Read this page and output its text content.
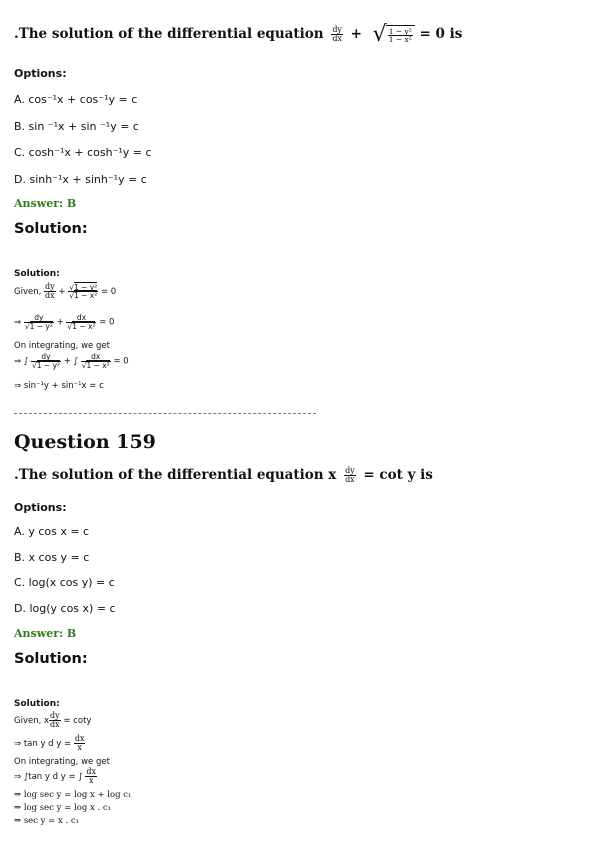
.The solution of the differential equation $\frac{dy}{dx}$ + √ $\frac{\text{1 − y²}}{\text{1 − x²}} = 0$ is
Options:
A. cos⁻¹x + cos⁻¹y = c
B. sin ⁻¹x + sin ⁻¹y = c
C. cosh⁻¹x + cosh⁻¹y = c
D. sinh⁻¹x + sinh⁻¹y = c
Answer: B
Solution:
Solution:
Given, $\frac{dy}{dx} + \frac{\text{√1 − y²}}{\text{√1 − x²}} = 0$
⇒ $\frac{dy}{\text{√1 − y²}} + \frac{dx}{\text{√1 − x²}} = 0$
On integrating, we get
⇒ ∫ $\frac{dy}{\text{√1 − y²}}$ + ∫ $\frac{dx}{\text{√1 − x²}} = 0$
⇒ sin⁻¹y + sin⁻¹x = c
Question 159
.The solution of the differential equation x $\frac{dy}{dx} = \cot y$ is
Options:
A. y cos x = c
B. x cos y = c
C. log(x cos y) = c
D. log(y cos x) = c
Answer: B
Solution:
Solution:
Given, x $\frac{dy}{dx} = \cot y$
⇒ tan y d $y = \frac{dx}{x}$
On integrating, we get
⇒ ∫tan y d y = ∫ $\frac{dx}{x}$
⇒ log sec y = log x + log c₁
⇒ log sec y = log x . c₁
⇒ sec y = x . c₁
